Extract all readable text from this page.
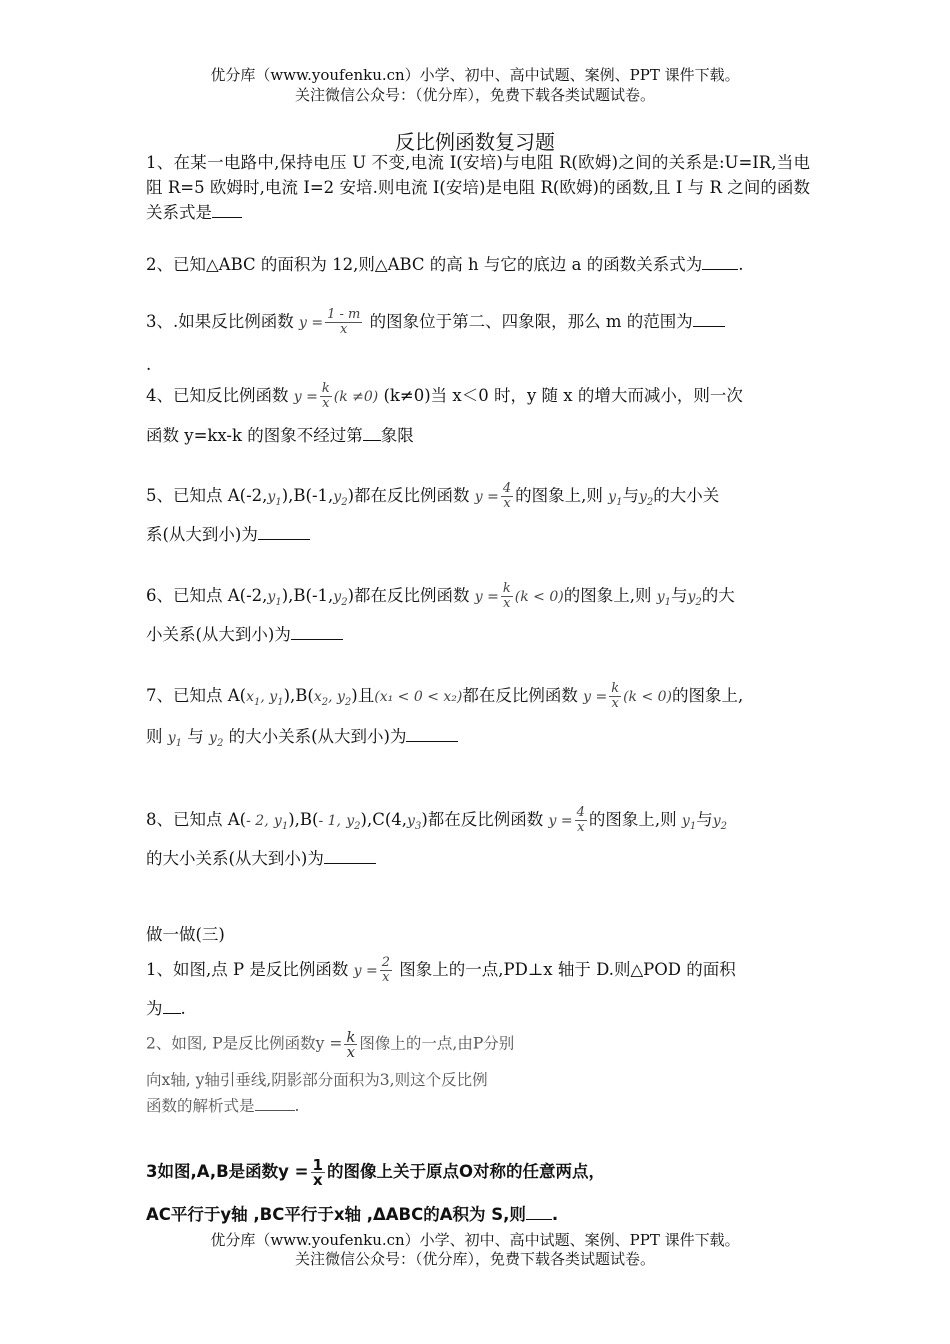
优分库（www.youfenku.cn）小学、初中、高中试题、案例、PPT 课件下载。
关注微信公众号：（优分库），免费下载各类试题试卷。
反比例函数复习题
1、在某一电路中,保持电压 U 不变,电流 I(安培)与电阻 R(欧姆)之间的关系是:U=IR,当电阻 R=5 欧姆时,电流 I=2 安培.则电流 I(安培)是电阻 R(欧姆)的函数,且 I 与 R 之间的函数关系式是
2、已知△ABC 的面积为 12,则△ABC 的高 h 与它的底边 a 的函数关系式为 .
3、.如果反比例函数 $y = \frac{1 - m}{x}$ 的图象位于第二、四象限，那么 m 的范围为
.
4、已知反比例函数 $y = \frac{k}{x} (k \ne 0)$ (k≠0)当 x＜0 时，y 随 x 的增大而减小，则一次
函数 y=kx-k 的图象不经过第 象限
5、已知点 $A(-2,y_1),B(-1,y_2)$都在反比例函数 $y = \frac{4}{x}$ 的图象上,则 $y_1$与$y_2$的大小关
系(从大到小)为
6、已知点 $A(-2,y_1),B(-1,y_2)$都在反比例函数 $y = \frac{k}{x} (k < 0)$的图象上,则 $y_1$与$y_2$的大
小关系(从大到小)为
7、已知点 $A(x_1$, $y_1),B(x_2$, $y_2$)且(x₁ < 0 < x₂)都在反比例函数 $y = \frac{k}{x} (k < 0)$的图象上,
则 $y_1$ 与 $y_2$ 的大小关系(从大到小)为
8、已知点 A(- 2, $y_1),B(-$ 1, $y_2),C(4,y_3)$都在反比例函数 $y = \frac{4}{x}$ 的图象上,则 $y_1$与$y_2$
的大小关系(从大到小)为
做一做(三)
1、如图,点 P 是反比例函数 $y = \frac{2}{x}$ 图象上的一点,PD⊥x 轴于 D.则△POD 的面积
为 .
2、如图, P是反比例函数$y = \frac{k}{x}$ 图像上的一点,由P分别
向x轴, y轴引垂线,阴影部分面积为3,则这个反比例
函数的解析式是	.
3如图,A,B是函数$y = \frac{1}{x}$ 的图像上关于原点O对称的任意两点，
AC平行于y轴 ,BC平行于x轴 ,ΔABC的A积为 S,则 .
优分库（www.youfenku.cn）小学、初中、高中试题、案例、PPT 课件下载。
关注微信公众号：（优分库），免费下载各类试题试卷。
